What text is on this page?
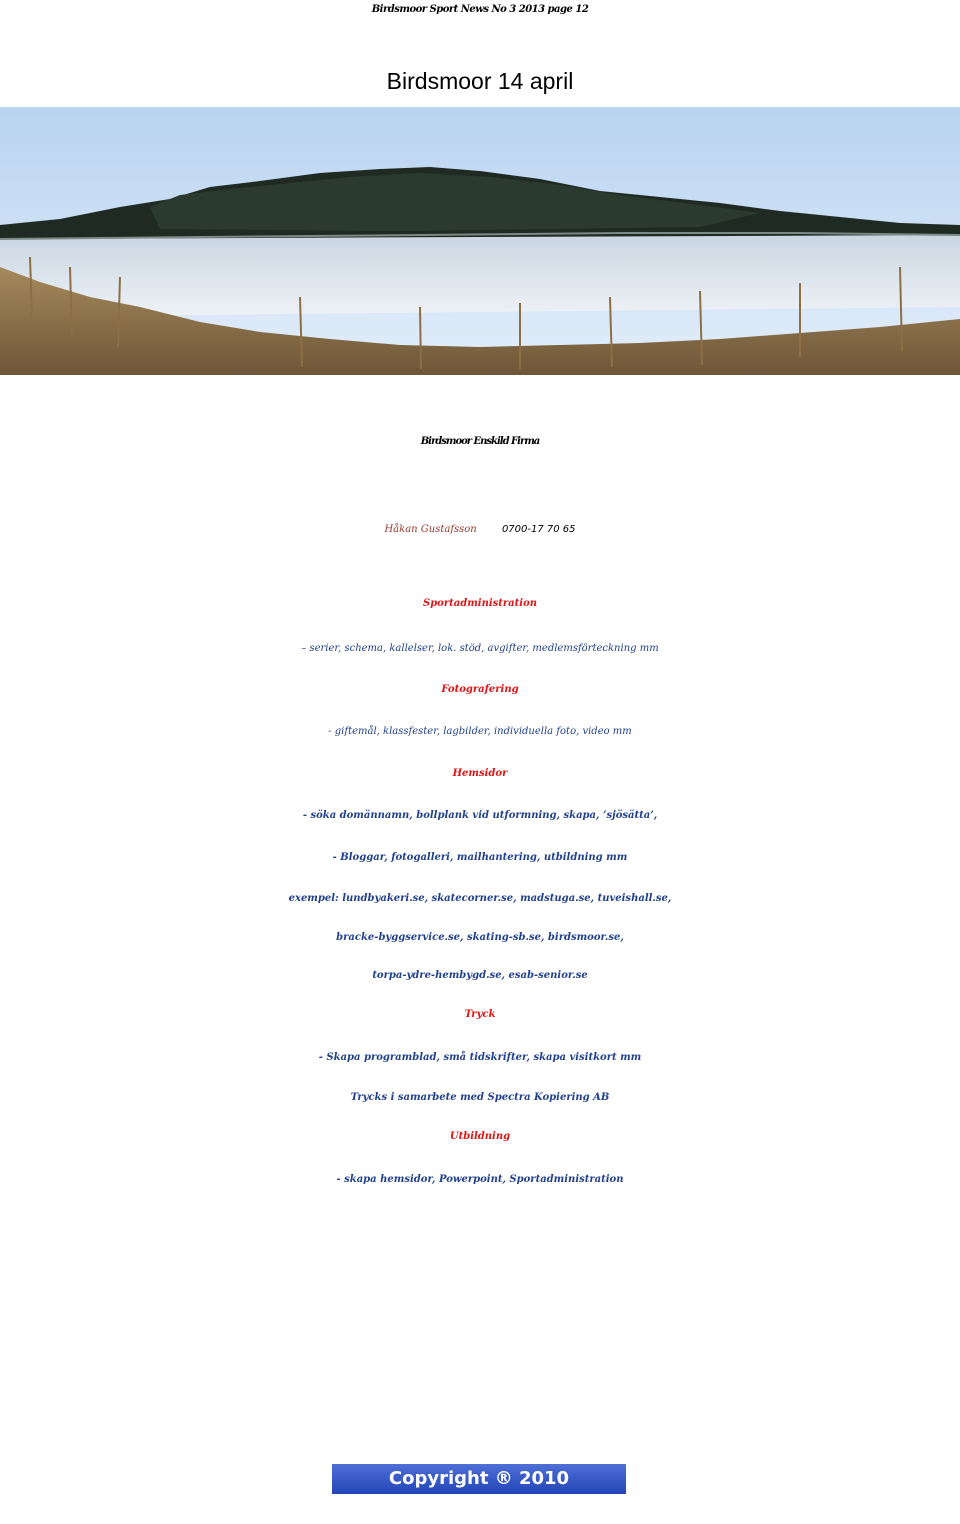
Birdsmoor Sport News No 3 2013 page 12
Birdsmoor 14 april
Birdsmoor Enskild Firma
Håkan Gustafsson	0700-17 70 65
Sportadministration
– serier, schema, kallelser, lok. stöd, avgifter, medlemsförteckning mm
Fotografering
- giftemål, klassfester, lagbilder, individuella foto, video mm
Hemsidor
- söka domännamn, bollplank vid utformning, skapa, ’sjösätta’,
- Bloggar, fotogalleri, mailhantering, utbildning mm
exempel: lundbyakeri.se, skatecorner.se, madstuga.se, tuveishall.se,
bracke-byggservice.se, skating-sb.se, birdsmoor.se,
torpa-ydre-hembygd.se, esab-senior.se
Tryck
- Skapa programblad, små tidskrifter, skapa visitkort mm
Trycks i samarbete med Spectra Kopiering AB
Utbildning
- skapa hemsidor, Powerpoint, Sportadministration
Copyright ® 2010 Birdsmoor.se
